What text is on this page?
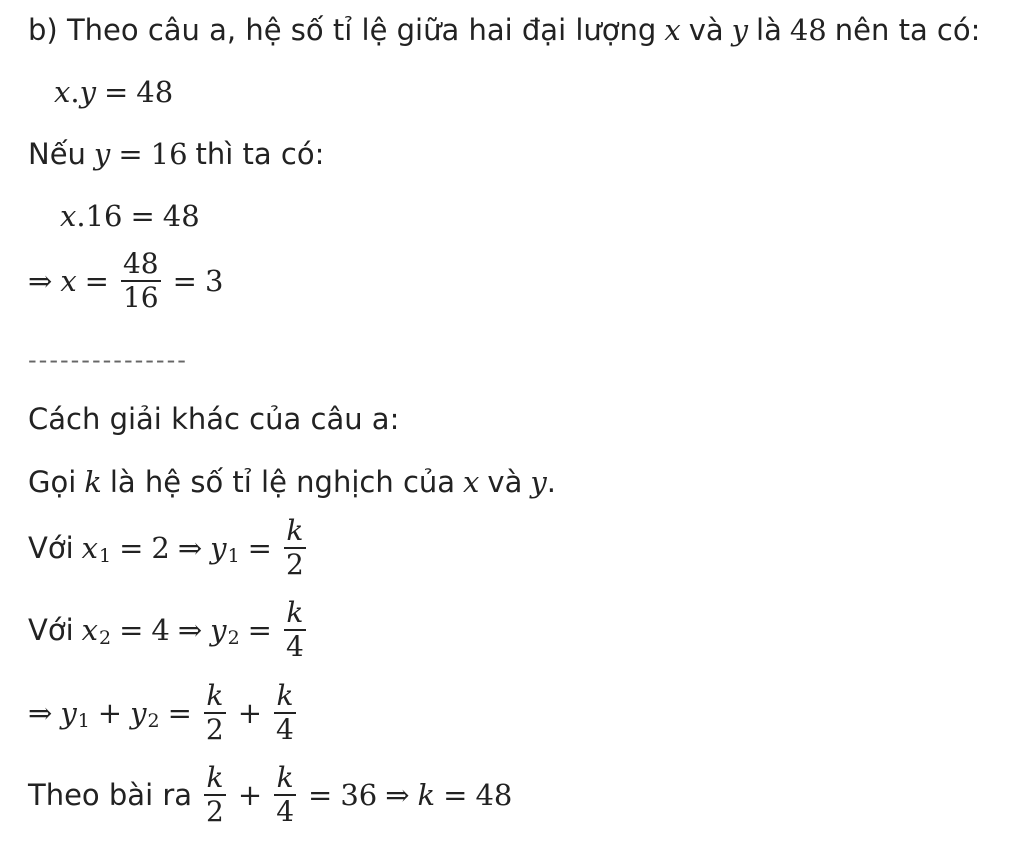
b) Theo câu a, hệ số tỉ lệ giữa hai đại lượng x và y là 48 nên ta có:
x . y = 48
Nếu y = 16 thì ta có:
x .16 = 48
⇒ $x = \frac{48}{16} = 3$
---------------
Cách giải khác của câu a:
Gọi k là hệ số tỉ lệ nghịch của x và y .
Với x 1 = 2 ⇒ y $1 = \frac{k}{2}$
Với x 2 = 4 ⇒ y $2 = \frac{k}{4}$
⇒ y 1 + y $2 = \frac{k}{2} + \frac{k}{4}$
Theo bài ra $\frac{k}{2} + \frac{k}{4} = 36$ ⇒ k = 48
